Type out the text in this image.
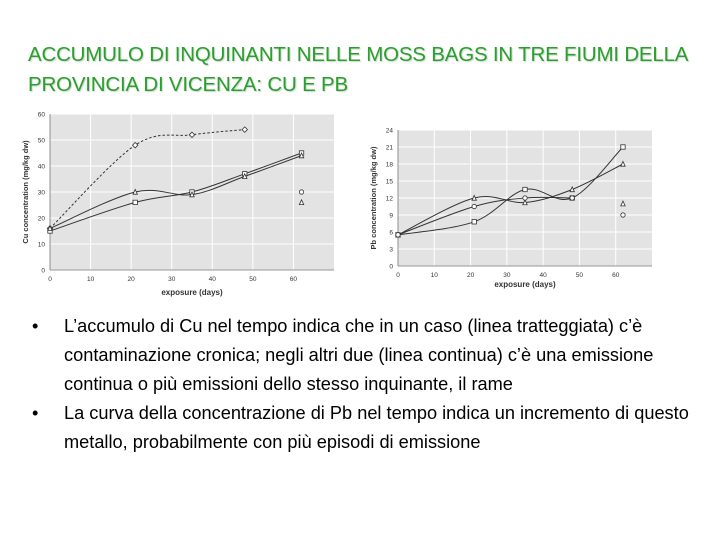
ACCUMULO DI INQUINANTI NELLE MOSS BAGS IN TRE FIUMI DELLA PROVINCIA DI VICENZA: CU E PB
0
10
20
30
40
50
60
0	10	20	30	40	50	60
exposure (days)
Cu concentration (mg/kg dw)
0
3
6
9
12
15
18
21
24
0	10	20	30	40	50	60
exposure (days)
Pb concentration (mg/kg dw)
• L’accumulo di Cu nel tempo indica che in un caso (linea tratteggiata) c’è contaminazione cronica; negli altri due (linea continua) c’è una emissione continua o più emissioni dello stesso inquinante, il rame
• La curva della concentrazione di Pb nel tempo indica un incremento di questo metallo, probabilmente con più episodi di emissione
